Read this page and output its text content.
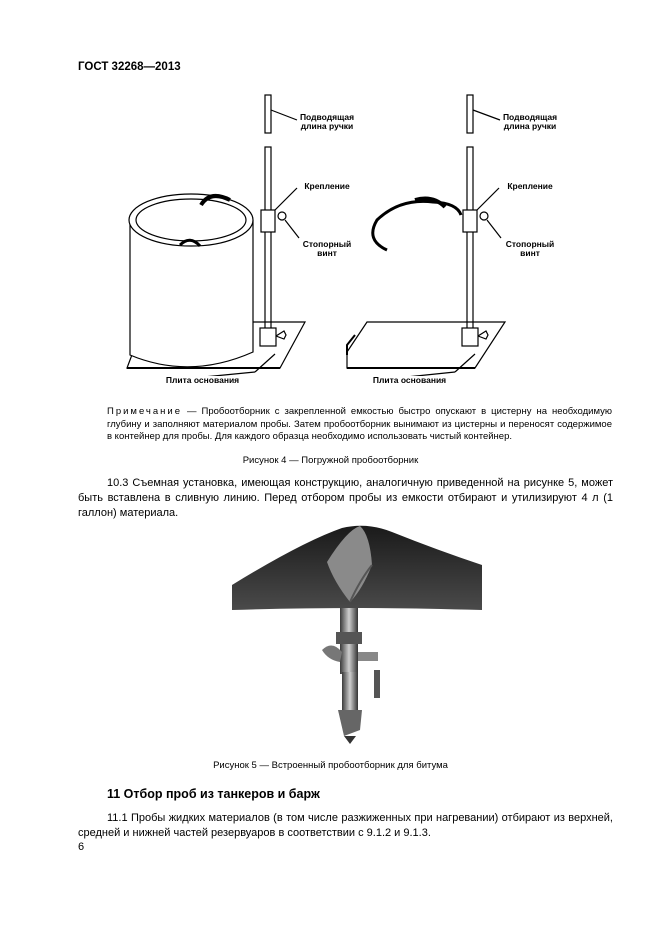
ГОСТ 32268—2013
Подводящая длина ручки
Крепление
Стопорный винт
Плита основания
Подводящая длина ручки
Крепление
Стопорный винт
Плита основания
Примечание — Пробоотборник с закрепленной емкостью быстро опускают в цистерну на необходимую глубину и заполняют материалом пробы. Затем пробоотборник вынимают из цистерны и переносят содержимое в контейнер для пробы. Для каждого образца необходимо использовать чистый контейнер.
Рисунок 4 — Погружной пробоотборник
10.3 Съемная установка, имеющая конструкцию, аналогичную приведенной на рисунке 5, может быть вставлена в сливную линию. Перед отбором пробы из емкости отбирают и утилизируют 4 л (1 галлон) материала.
Рисунок 5 — Встроенный пробоотборник для битума
11 Отбор проб из танкеров и барж
11.1 Пробы жидких материалов (в том числе разжиженных при нагревании) отбирают из верхней, средней и нижней частей резервуаров в соответствии с 9.1.2 и 9.1.3.
6
